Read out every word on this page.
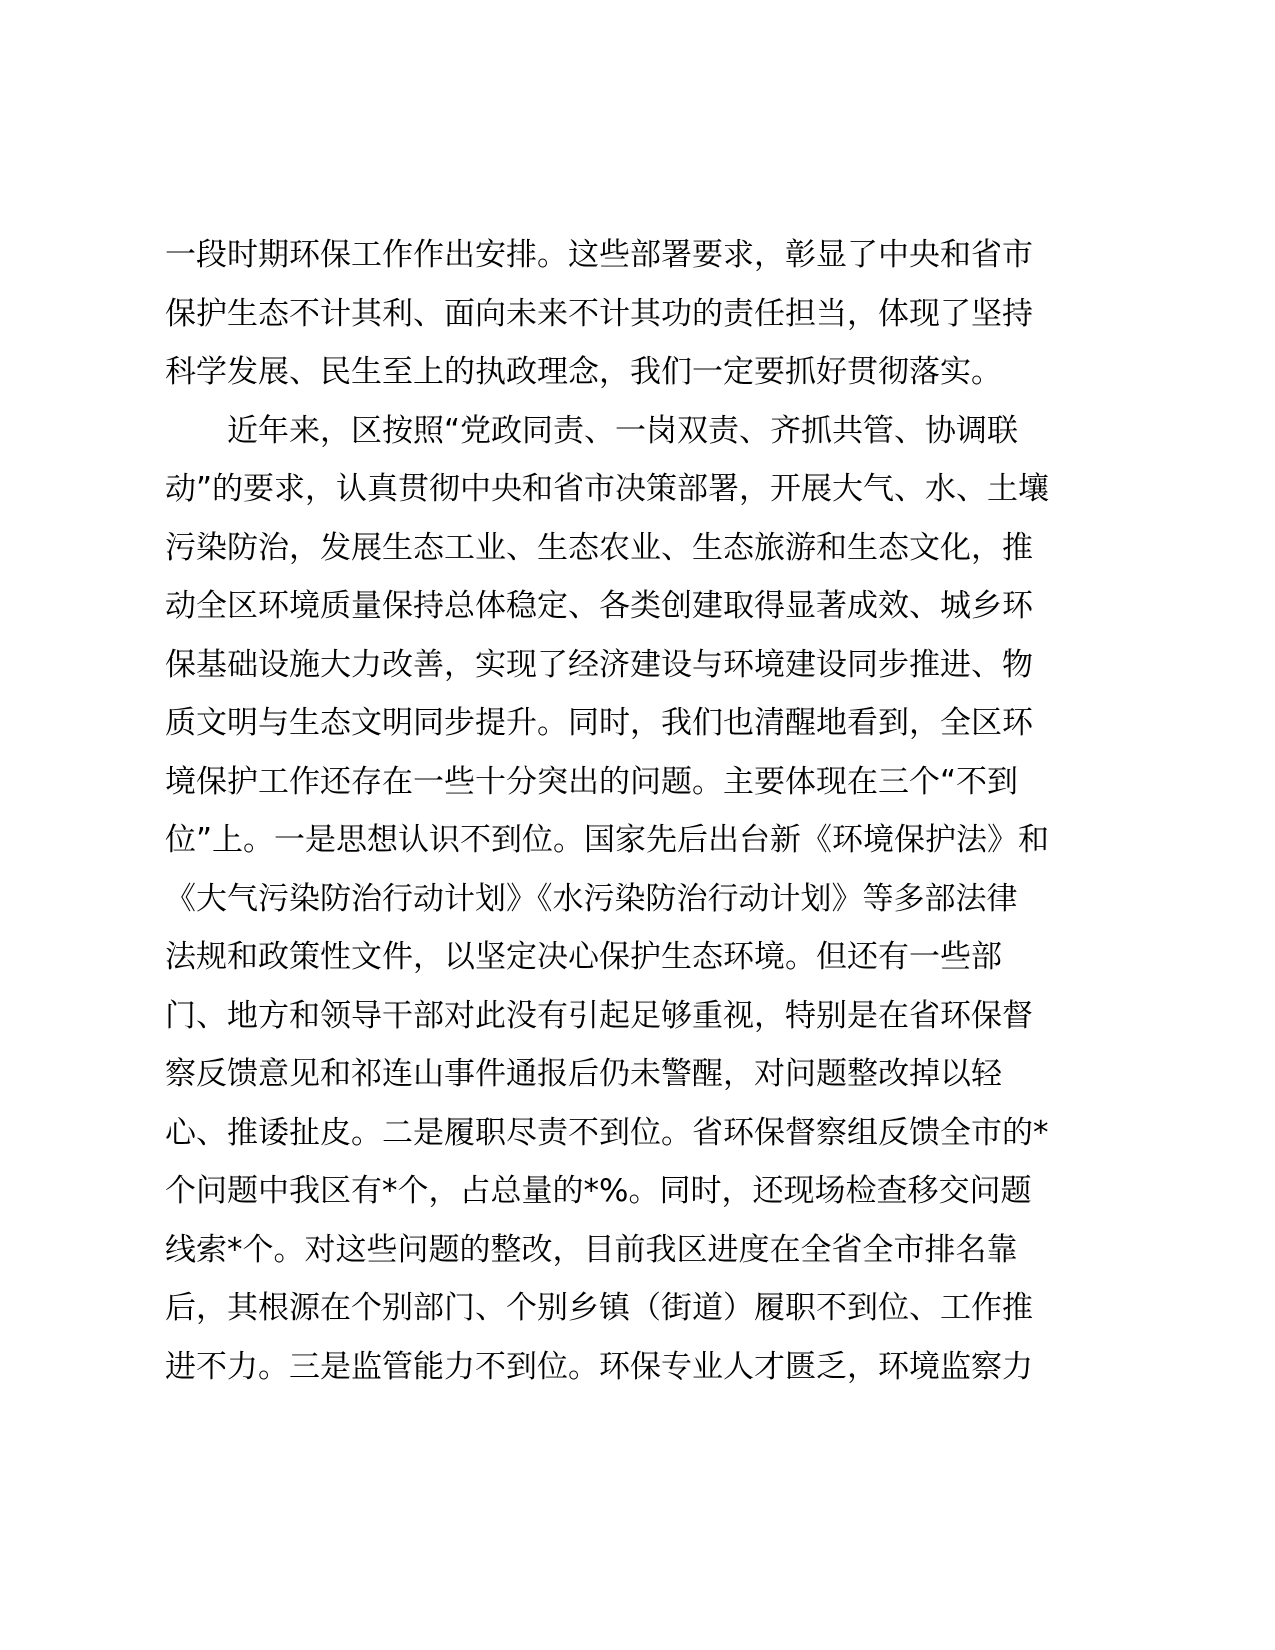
一段时期环保工作作出安排。这些部署要求，彰显了中央和省市
保护生态不计其利、面向未来不计其功的责任担当，体现了坚持
科学发展、民生至上的执政理念，我们一定要抓好贯彻落实。
近年来，区按照“党政同责、一岗双责、齐抓共管、协调联
动”的要求，认真贯彻中央和省市决策部署，开展大气、水、土壤
污染防治，发展生态工业、生态农业、生态旅游和生态文化，推
动全区环境质量保持总体稳定、各类创建取得显著成效、城乡环
保基础设施大力改善，实现了经济建设与环境建设同步推进、物
质文明与生态文明同步提升。同时，我们也清醒地看到，全区环
境保护工作还存在一些十分突出的问题。主要体现在三个“不到
位”上。一是思想认识不到位。国家先后出台新《环境保护法》和
《大气污染防治行动计划》《水污染防治行动计划》等多部法律
法规和政策性文件，以坚定决心保护生态环境。但还有一些部
门、地方和领导干部对此没有引起足够重视，特别是在省环保督
察反馈意见和祁连山事件通报后仍未警醒，对问题整改掉以轻
心、推诿扯皮。二是履职尽责不到位。省环保督察组反馈全市的*
个问题中我区有*个，占总量的*%。同时，还现场检查移交问题
线索*个。对这些问题的整改，目前我区进度在全省全市排名靠
后，其根源在个别部门、个别乡镇（街道）履职不到位、工作推
进不力。三是监管能力不到位。环保专业人才匮乏，环境监察力
